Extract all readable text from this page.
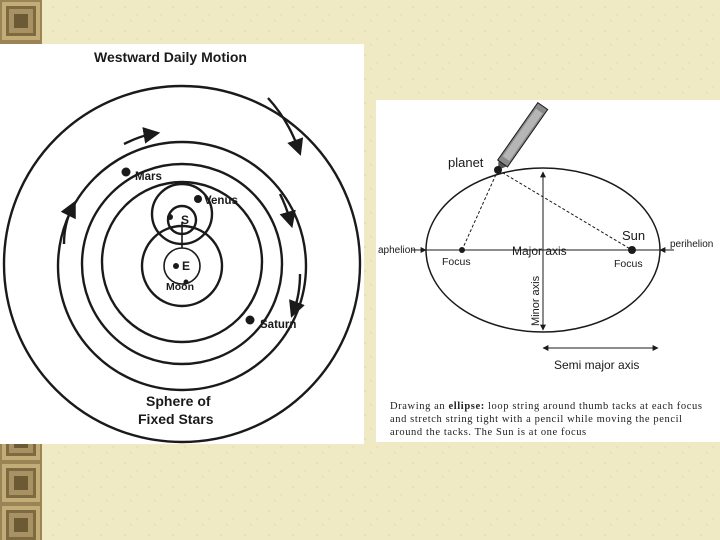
Westward Daily Motion
Mars
Venus
S
E
Moon
Saturn
Sphere of
Fixed Stars
planet
Sun
aphelion
perihelion
Focus	Focus
Major axis
Minor axis
Semi major axis
Drawing an ellipse: loop string around thumb tacks at each focus and stretch string tight with a pencil while moving the pencil around the tacks. The Sun is at one focus
